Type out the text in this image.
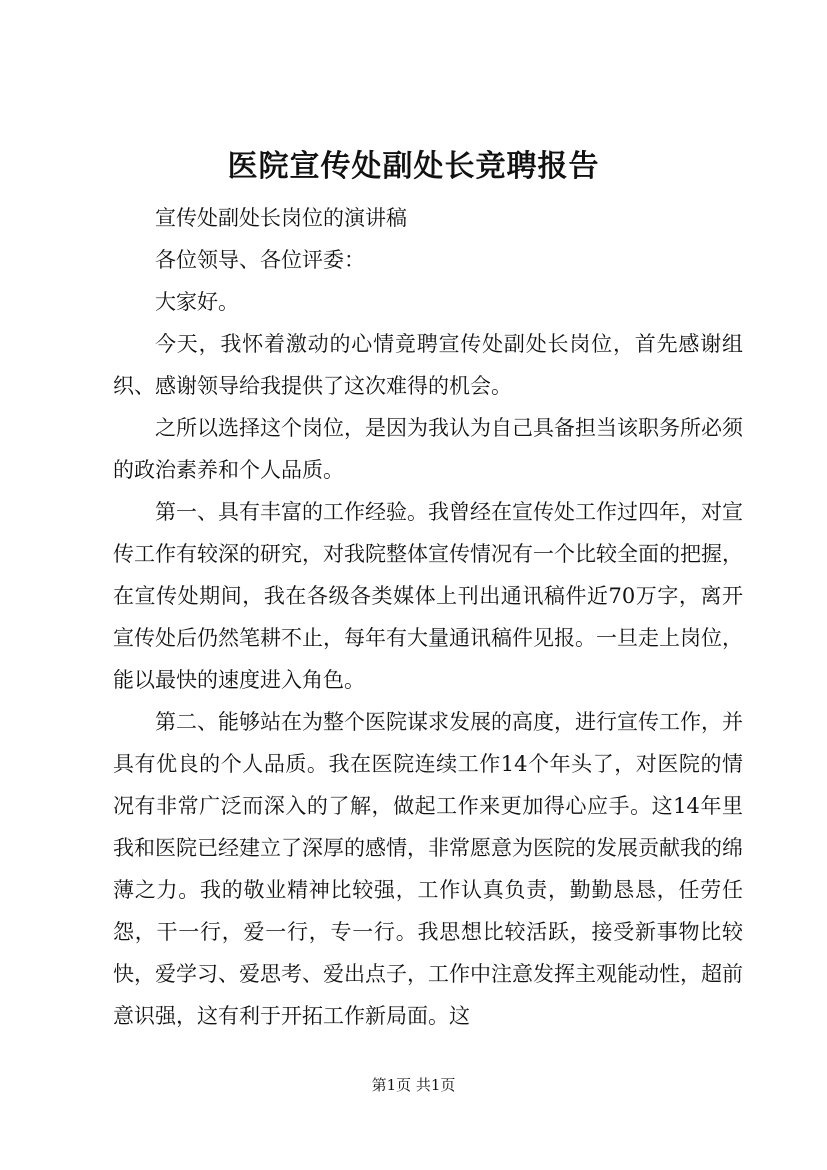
医院宣传处副处长竞聘报告

宣传处副处长岗位的演讲稿

各位领导、各位评委：

大家好。

今天，我怀着激动的心情竟聘宣传处副处长岗位，首先感谢组织、感谢领导给我提供了这次难得的机会。

之所以选择这个岗位，是因为我认为自己具备担当该职务所必须的政治素养和个人品质。

第一、具有丰富的工作经验。我曾经在宣传处工作过四年，对宣传工作有较深的研究，对我院整体宣传情况有一个比较全面的把握，在宣传处期间，我在各级各类媒体上刊出通讯稿件近70万字，离开宣传处后仍然笔耕不止，每年有大量通讯稿件见报。一旦走上岗位，能以最快的速度进入角色。

第二、能够站在为整个医院谋求发展的高度，进行宣传工作，并具有优良的个人品质。我在医院连续工作14个年头了，对医院的情况有非常广泛而深入的了解，做起工作来更加得心应手。这14年里我和医院已经建立了深厚的感情，非常愿意为医院的发展贡献我的绵薄之力。我的敬业精神比较强，工作认真负责，勤勤恳恳，任劳任怨，干一行，爱一行，专一行。我思想比较活跃，接受新事物比较快，爱学习、爱思考、爱出点子，工作中注意发挥主观能动性，超前意识强，这有利于开拓工作新局面。这

第1页 共1页
